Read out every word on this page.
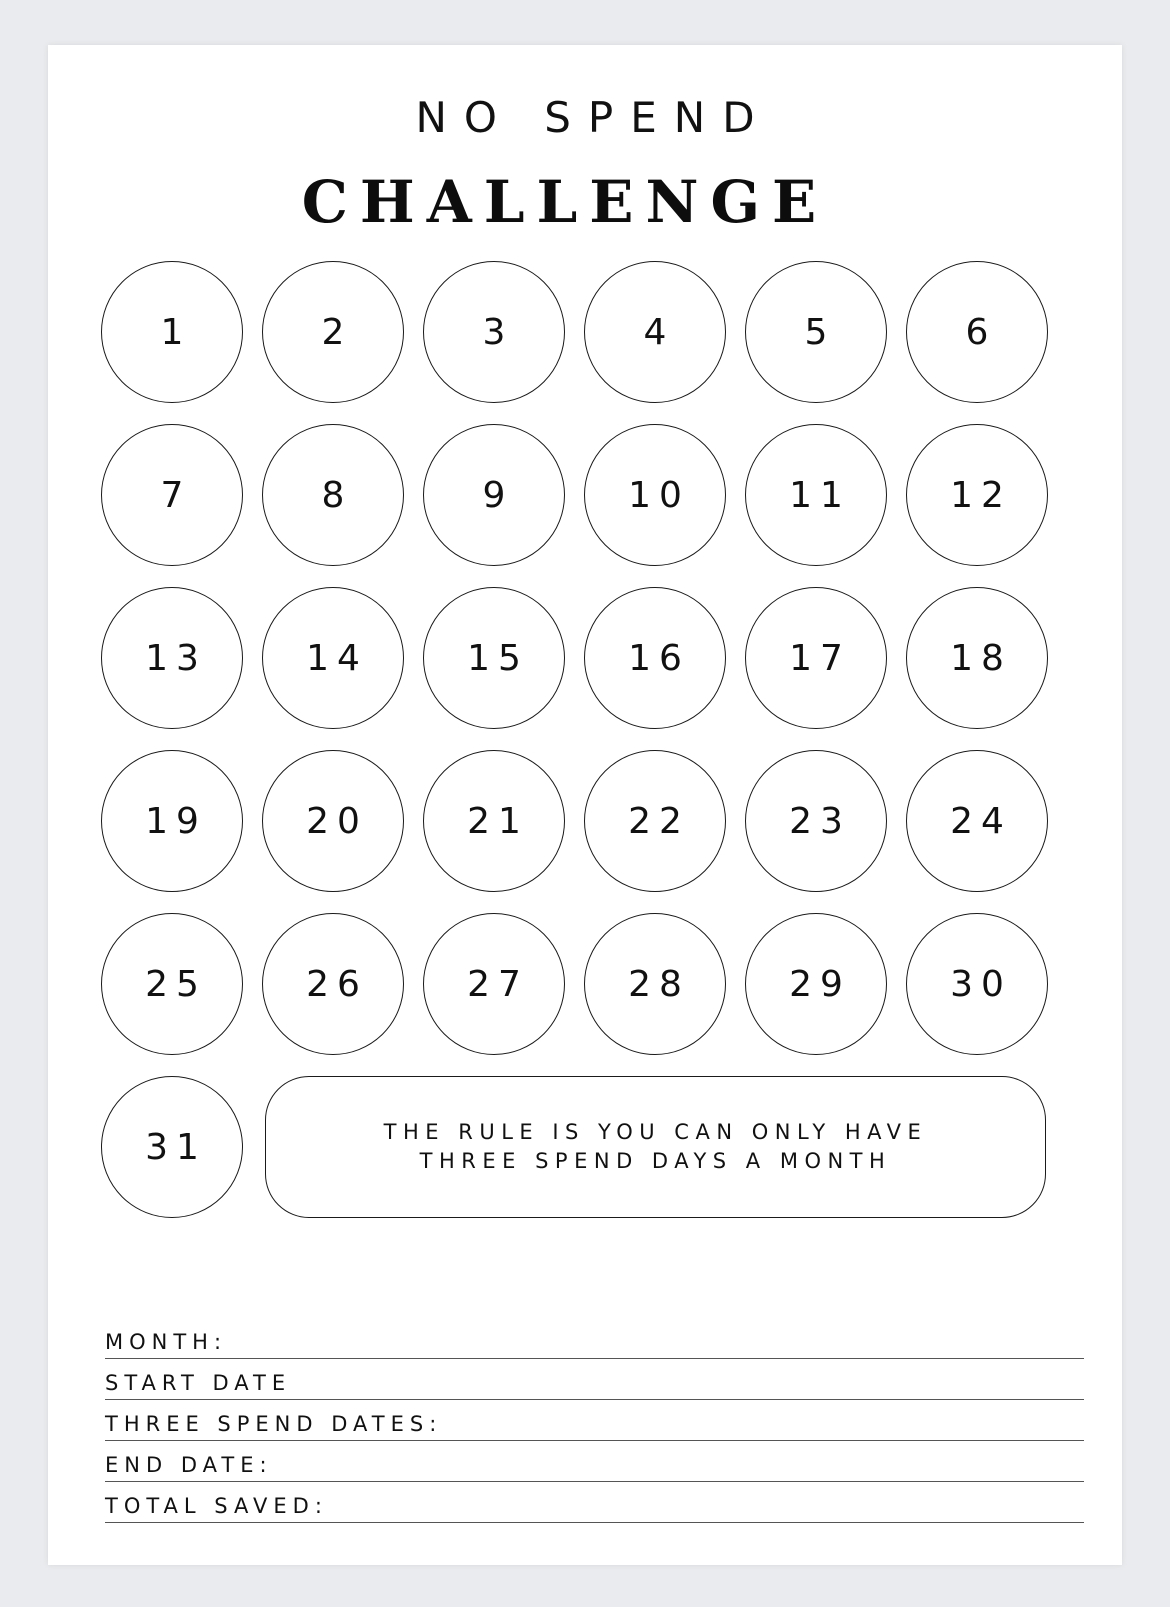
NO SPEND
CHALLENGE
THE RULE IS YOU CAN ONLY HAVE
THREE SPEND DAYS A MONTH
1	2	3	4	5	6
7	8	9	10	11	12
13	14	15	16	17	18
19	20	21	22	23	24
25	26	27	28	29	30
31
MONTH:
START DATE
THREE SPEND DATES:
END DATE:
TOTAL SAVED:
